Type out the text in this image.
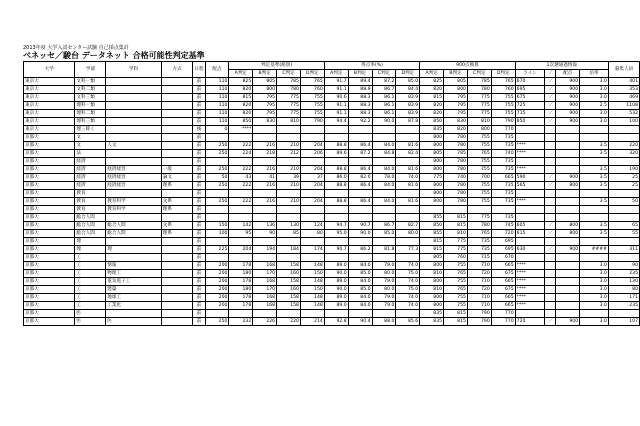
2013年度 大学入試センター試験 自己採点集計
ベネッセ／駿台 データネット 合格可能性判定基準
大学	学部	学科	方式	日程	配点	判定基準(組別)				得点率(%)				900点換算				1次選通過情報				募集人員
						A判定	B判定	C判定	D判定	A判定	B判定	C判定	D判定	A判定	B判定	C判定	D判定	ライン	／	配点	倍率	
東京大	文科一類			前	110	825	805	785	765	91.7	89.4	87.2	85.0	825	805	785	765	670	／	900	3.0	401
東京大	文科二類			前	110	820	800	780	760	91.1	88.9	86.7	84.4	820	800	780	760	695	／	900	3.0	353
東京大	文科三類			前	110	815	795	775	755	90.6	88.3	86.1	83.9	815	795	775	755	675	／	900	3.0	469
東京大	理科一類			前	110	820	795	775	755	91.1	88.3	86.1	83.9	820	795	775	755	725	／	900	2.5	1108
東京大	理科二類			前	110	820	795	775	755	91.1	88.3	86.1	83.9	820	795	775	755	715	／	900	3.0	532
東京大	理科三類			前	110	850	830	810	790	94.4	92.2	90.0	87.8	850	830	810	790	850	／	900	3.0	100
東京大	理三除く			後	0	****								835	820	800	770					
京都大	文			前										800	780	755	735					
京都大	文	人文		前	250	222	216	210	204	88.8	86.4	84.0	81.6	800	780	755	735	****			3.5	220
京都大	法			前	250	224	218	212	206	89.6	87.2	84.8	82.4	805	785	765	740	****			3.5	320
京都大	経済			前										800	780	755	735					
京都大	経済	経済経営	一般	前	250	222	216	210	204	88.8	86.4	84.0	81.6	800	780	755	735	****			3.5	190
京都大	経済	経済経営	論文	前	50	43	41	39	37	86.0	82.0	78.0	74.0	775	740	700	665	590	／	900	3.5	25
京都大	経済	経済経営	理系	前	250	222	216	210	204	88.8	86.4	84.0	81.6	800	780	755	735	565	／	800	3.5	25
京都大	教育			前										800	780	755	735					
京都大	教育	教育科学	文系	前	250	222	216	210	204	88.8	86.4	84.0	81.6	800	780	755	735	****			3.5	50
京都大	教育	教育科学	理系	前																		
京都大	総合人間			前										855	815	775	735					
京都大	総合人間	総合人間	文系	前	150	142	136	130	124	94.7	90.7	86.7	82.7	850	815	780	745	605	／	800	3.5	65
京都大	総合人間	総合人間	理系	前	100	95	90	85	80	95.0	90.0	85.0	80.0	855	810	765	720	615	／	800	3.5	55
京都大	理			前										815	775	735	695					
京都大	理	理		前	225	204	194	184	174	90.7	86.2	81.8	77.3	815	775	735	695	630	／	900	####	311
京都大	工			前										805	760	715	670					
京都大	工	情報		前	200	178	168	158	148	89.0	84.0	79.0	74.0	800	755	710	665	****			3.0	90
京都大	工	物理工		前	200	180	170	160	150	90.0	85.0	80.0	75.0	810	765	720	675	****			3.0	235
京都大	工	電気電子工		前	200	178	168	158	148	89.0	84.0	79.0	74.0	800	755	710	665	****			3.0	130
京都大	工	建築		前	200	180	170	160	150	90.0	85.0	80.0	75.0	810	765	720	675	****			3.0	80
京都大	工	地球工		前	200	178	168	158	148	89.0	84.0	79.0	74.0	800	755	710	665	****			3.0	171
京都大	工	工業化		前	200	178	168	158	148	89.0	84.0	79.0	74.0	800	755	710	665	****			3.0	235
京都大	医			前										835	815	790	770					
京都大	医	医		前	250	232	226	220	214	92.8	90.4	88.0	85.6	835	815	790	770	720	／	900	3.0	107
